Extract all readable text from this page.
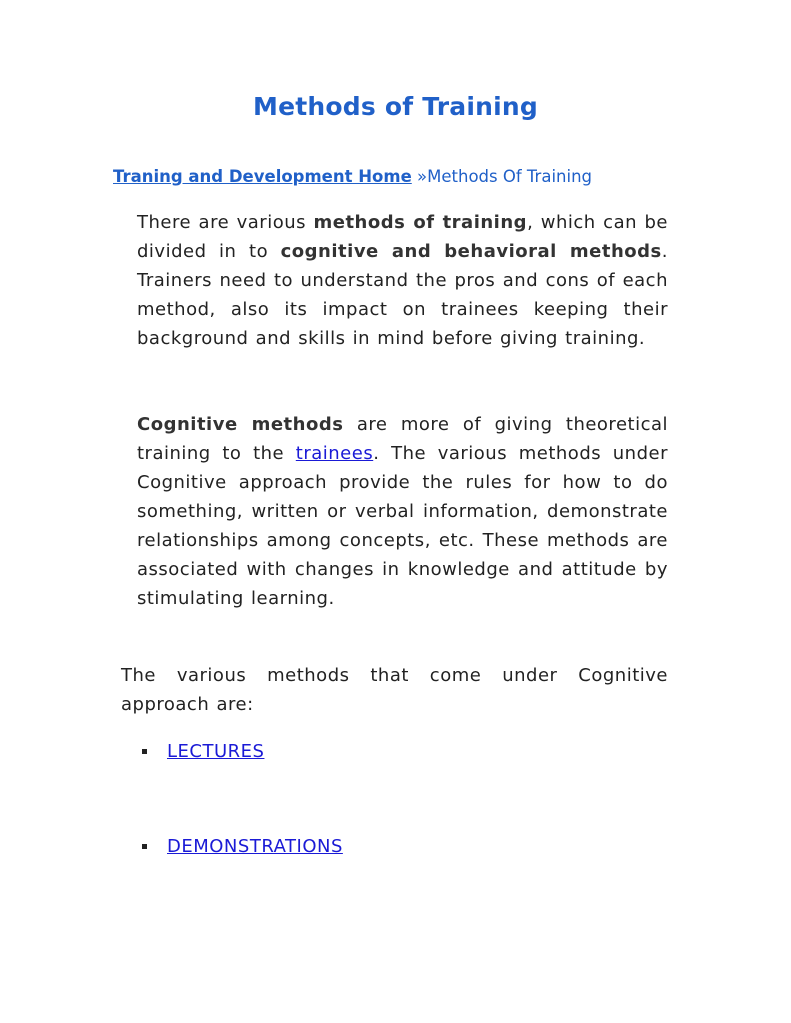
Methods of Training
Traning and Development Home »Methods Of Training

There are various methods of training, which can be divided in to cognitive and behavioral methods. Trainers need to understand the pros and cons of each method, also its impact on trainees keeping their background and skills in mind before giving training.

Cognitive methods are more of giving theoretical training to the trainees. The various methods under Cognitive approach provide the rules for how to do something, written or verbal information, demonstrate relationships among concepts, etc. These methods are associated with changes in knowledge and attitude by stimulating learning.

The various methods that come under Cognitive approach are:

LECTURES
DEMONSTRATIONS
